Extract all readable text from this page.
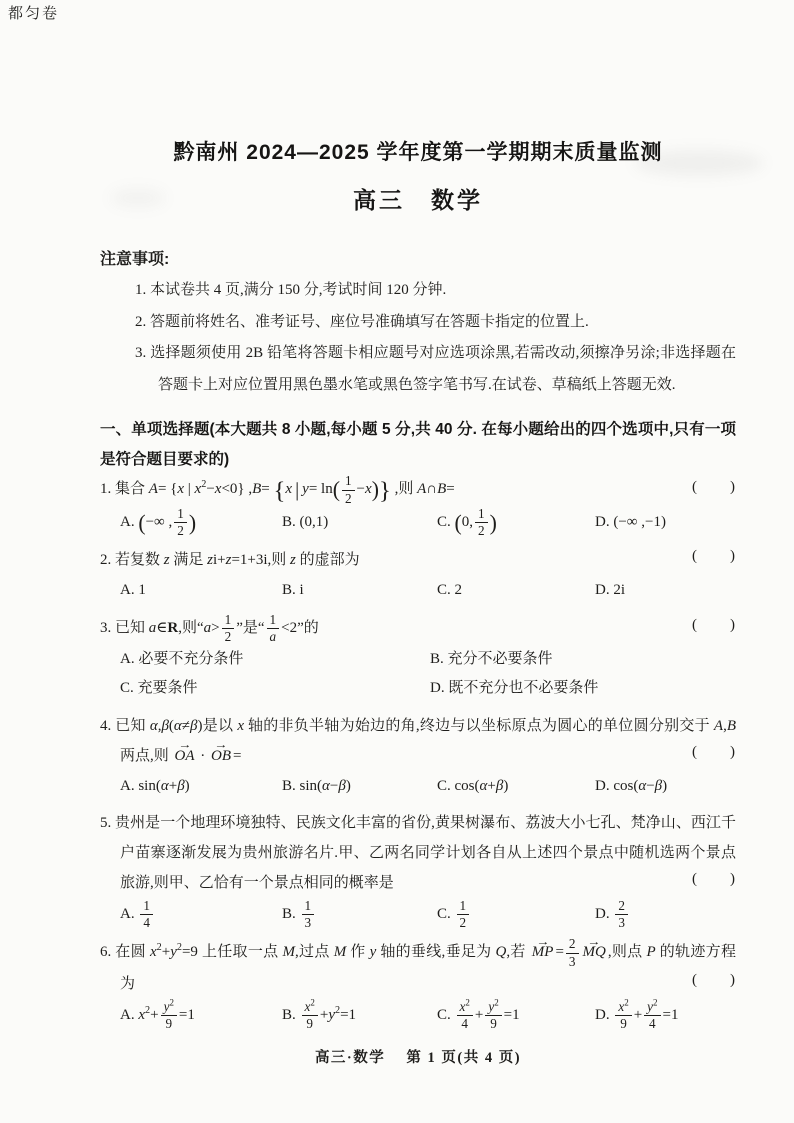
都匀卷
黔南州 2024—2025 学年度第一学期期末质量监测
高三　数学
注意事项:
1. 本试卷共 4 页,满分 150 分,考试时间 120 分钟.
2. 答题前将姓名、准考证号、座位号准确填写在答题卡指定的位置上.
3. 选择题须使用 2B 铅笔将答题卡相应题号对应选项涂黑,若需改动,须擦净另涂;非选择题在答题卡上对应位置用黑色墨水笔或黑色签字笔书写.在试卷、草稿纸上答题无效.
一、单项选择题(本大题共 8 小题,每小题 5 分,共 40 分. 在每小题给出的四个选项中,只有一项是符合题目要求的)
1. 集合 A= {x | $x^2-x<0$} ,B= {x | $y= \ln( \frac{1}{2} -x)$} ,则 A∩B=	(　　)
A. (−∞ , $\frac{1}{2}$ )	B. (0,1)	C. (0, $\frac{1}{2}$ )	D. (−∞ ,−1)
2. 若复数 z 满足 zi+z=1+3i,则 z 的虚部为	(　　)
A. 1	B. i	C. 2	D. 2i
3. 已知 a∈R,则“$a> \frac{1}{2}$ ”是“ $\frac{1}{a} <2$”的	(　　)
A. 必要不充分条件	B. 充分不必要条件
C. 充要条件	D. 既不充分也不必要条件
4. 已知 α,β(α≠β)是以 x 轴的非负半轴为始边的角,终边与以坐标原点为圆心的单位圆分别交于 A,B 两点,则 OA → · OB → =	(　　)
A. sin(α+β)	B. sin(α−β)	C. cos(α+β)	D. cos(α−β)
5. 贵州是一个地理环境独特、民族文化丰富的省份,黄果树瀑布、荔波大小七孔、梵净山、西江千户苗寨逐渐发展为贵州旅游名片.甲、乙两名同学计划各自从上述四个景点中随机选两个景点旅游,则甲、乙恰有一个景点相同的概率是	(　　)
A. $\frac{1}{4}$	B. $\frac{1}{3}$	C. $\frac{1}{2}$	D. $\frac{2}{3}$
6. 在圆 $x^2+y^2=9$ 上任取一点 M,过点 M 作 y 轴的垂线,垂足为 Q,若 MP → = $\frac{2}{3}$ MQ → ,则点 P 的轨迹方程为	(　　)
A. $x^2+ \frac{y^2}{9} =1$	B. $\frac{x^2}{9} +y^2=1$	C. $\frac{x^2}{4} + \frac{y^2}{9} =1$	D. $\frac{x^2}{9} + \frac{y^2}{4} =1$
高三·数学　 第 1 页(共 4 页)
